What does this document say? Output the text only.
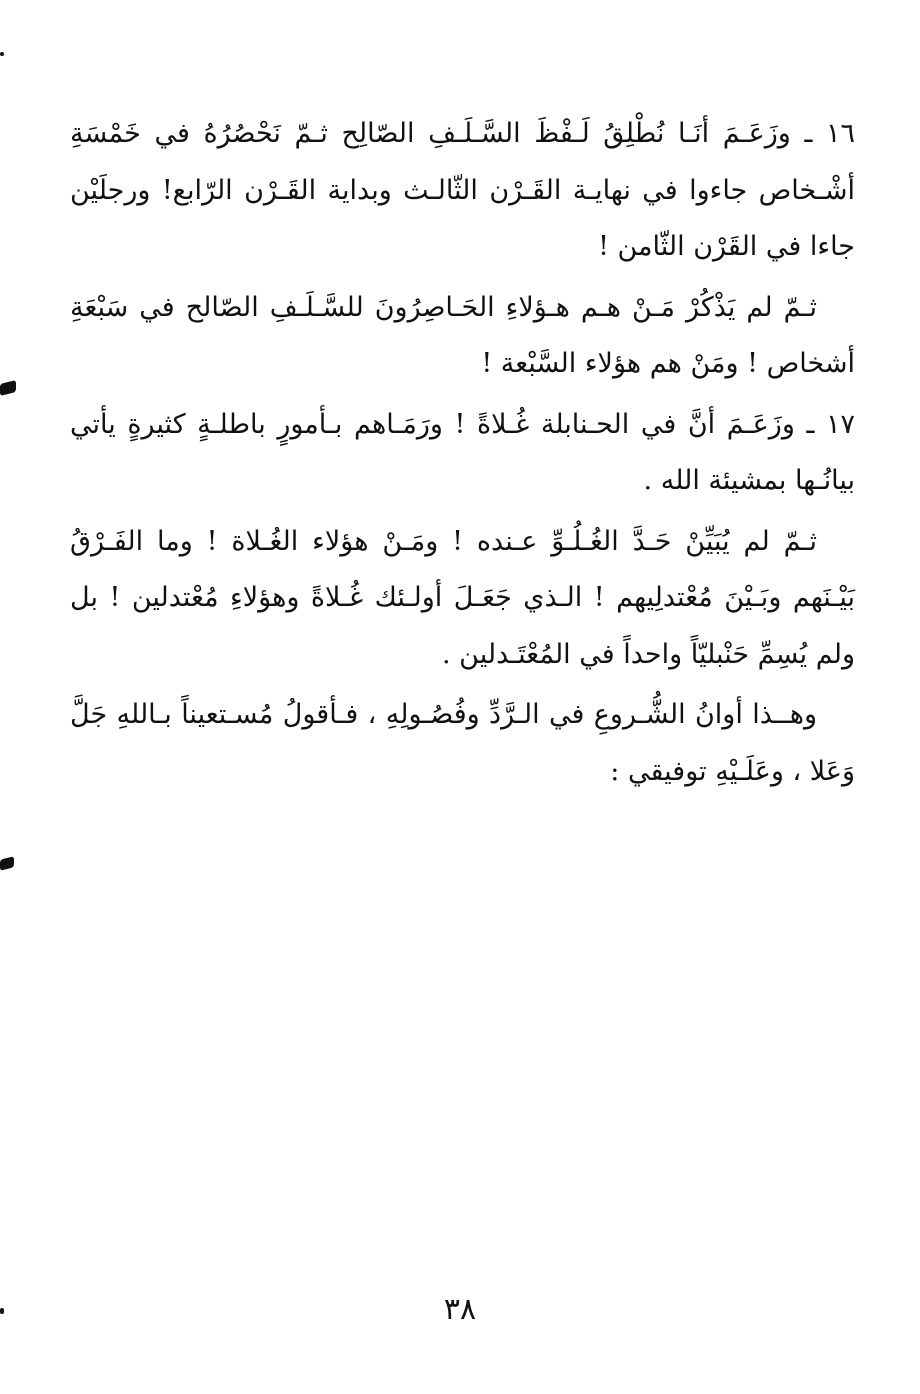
١٦ ـ وزَعَـمَ أنَـا نُطْلِقُ لَـفْظَ السَّـلَـفِ الصّالِح ثـمّ نَحْصُرُهُ في خَمْسَةِ أشْـخاص جاءوا في نهايـة القَـرْن الثّالـث وبداية القَـرْن الرّابع! ورجلَيْن جاءا في القَرْن الثّامن !

ثـمّ لم يَذْكُرْ مَـنْ هـم هـؤلاءِ الحَـاصِرُونَ للسَّـلَـفِ الصّالح في سَبْعَةِ أشخاص ! ومَنْ هم هؤلاء السَّبْعة !

١٧ ـ وزَعَـمَ أنَّ في الحـنابلة غُـلاةً ! ورَمَـاهم بـأمورٍ باطلـةٍ كثيرةٍ يأتي بيانُـها بمشيئة الله .

ثـمّ لم يُبَيِّنْ حَـدَّ الغُـلُـوِّ عـنده ! ومَـنْ هؤلاء الغُـلاة ! وما الفَـرْقُ بَيْـنَهم وبَـيْنَ مُعْتدلِيهم ! الـذي جَعَـلَ أولـئك غُـلاةً وهؤلاءِ مُعْتدلين ! بل ولم يُسِمِّ حَنْبليّاً واحداً في المُعْتَـدلين .

وهــذا أوانُ الشُّـروعِ في الـرَّدِّ وفُصُـولِهِ ، فـأقولُ مُسـتعيناً بـاللهِ جَلَّ وَعَلا ، وعَلَـيْهِ توفيقي :

٣٨
